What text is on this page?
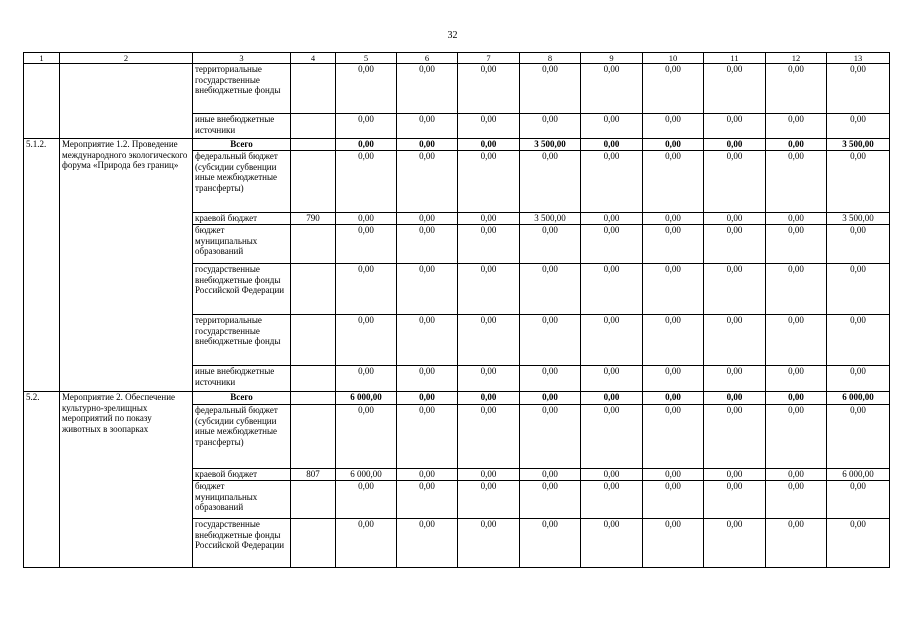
32
1	2	3	4	5	6	7	8	9	10	11	12	13
		территориальные государственные внебюджетные фонды		0,00	0,00	0,00	0,00	0,00	0,00	0,00	0,00	0,00
		иные внебюджетные источники		0,00	0,00	0,00	0,00	0,00	0,00	0,00	0,00	0,00
5.1.2.	Мероприятие 1.2. Проведение международного экологического форума «Природа без границ»	Всего		0,00	0,00	0,00	3 500,00	0,00	0,00	0,00	0,00	3 500,00
		федеральный бюджет (субсидии субвенции иные межбюджетные трансферты)		0,00	0,00	0,00	0,00	0,00	0,00	0,00	0,00	0,00
		краевой бюджет	790	0,00	0,00	0,00	3 500,00	0,00	0,00	0,00	0,00	3 500,00
		бюджет муниципальных образований		0,00	0,00	0,00	0,00	0,00	0,00	0,00	0,00	0,00
		государственные внебюджетные фонды Российской Федерации		0,00	0,00	0,00	0,00	0,00	0,00	0,00	0,00	0,00
		территориальные государственные внебюджетные фонды		0,00	0,00	0,00	0,00	0,00	0,00	0,00	0,00	0,00
		иные внебюджетные источники		0,00	0,00	0,00	0,00	0,00	0,00	0,00	0,00	0,00
5.2.	Мероприятие 2. Обеспечение культурно-зрелищных мероприятий по показу животных в зоопарках	Всего		6 000,00	0,00	0,00	0,00	0,00	0,00	0,00	0,00	6 000,00
		федеральный бюджет (субсидии субвенции иные межбюджетные трансферты)		0,00	0,00	0,00	0,00	0,00	0,00	0,00	0,00	0,00
		краевой бюджет	807	6 000,00	0,00	0,00	0,00	0,00	0,00	0,00	0,00	6 000,00
		бюджет муниципальных образований		0,00	0,00	0,00	0,00	0,00	0,00	0,00	0,00	0,00
		государственные внебюджетные фонды Российской Федерации		0,00	0,00	0,00	0,00	0,00	0,00	0,00	0,00	0,00
